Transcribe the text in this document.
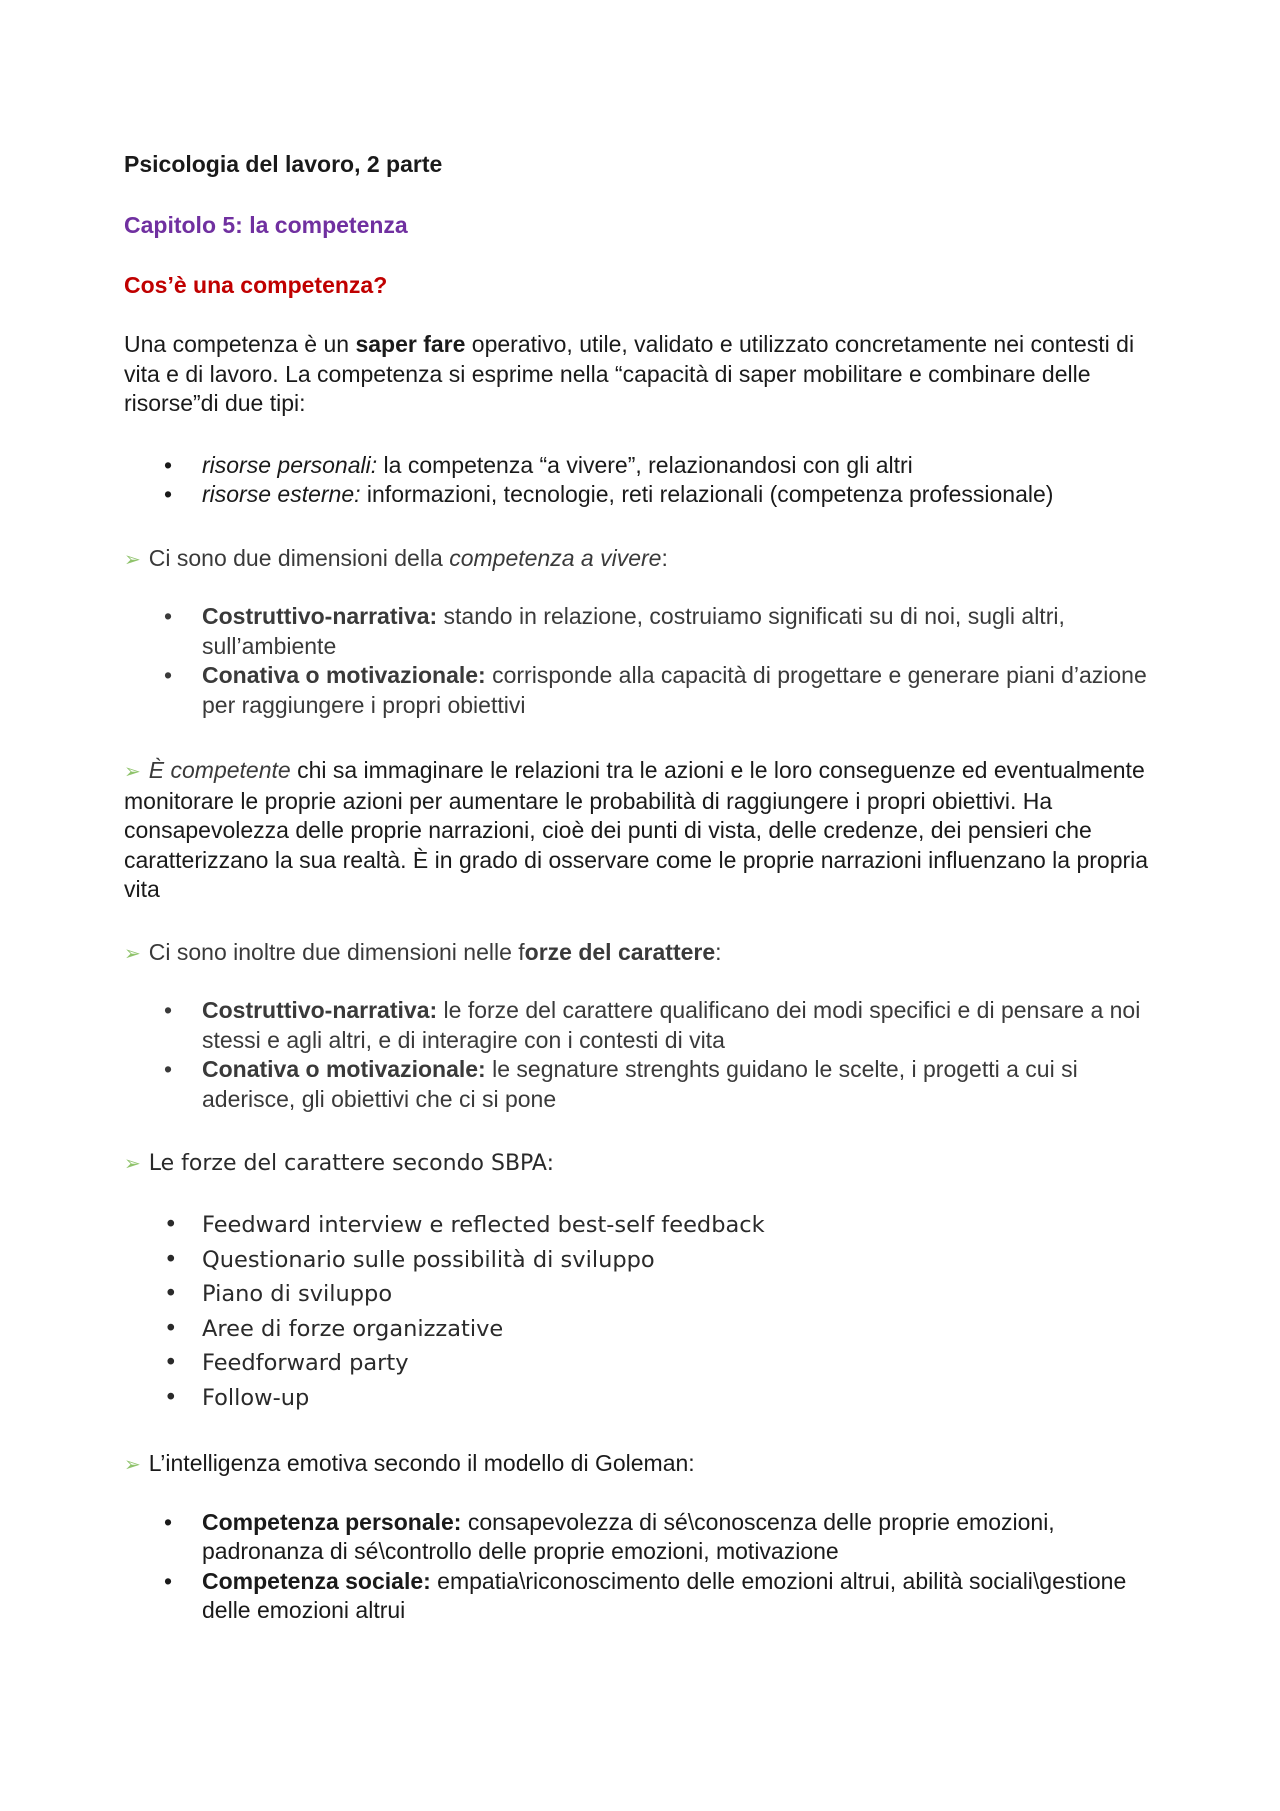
Psicologia del lavoro, 2 parte
Capitolo 5: la competenza
Cos’è una competenza?

Una competenza è un saper fare operativo, utile, validato e utilizzato concretamente nei contesti di vita e di lavoro. La competenza si esprime nella “capacità di saper mobilitare e combinare delle risorse”di due tipi:

• risorse personali: la competenza “a vivere”, relazionandosi con gli altri
• risorse esterne: informazioni, tecnologie, reti relazionali (competenza professionale)
➢ Ci sono due dimensioni della competenza a vivere:
• Costruttivo-narrativa: stando in relazione, costruiamo significati su di noi, sugli altri, sull’ambiente
• Conativa o motivazionale: corrisponde alla capacità di progettare e generare piani d’azione per raggiungere i propri obiettivi

➢ È competente chi sa immaginare le relazioni tra le azioni e le loro conseguenze ed eventualmente monitorare le proprie azioni per aumentare le probabilità di raggiungere i propri obiettivi. Ha consapevolezza delle proprie narrazioni, cioè dei punti di vista, delle credenze, dei pensieri che caratterizzano la sua realtà. È in grado di osservare come le proprie narrazioni influenzano la propria vita

➢ Ci sono inoltre due dimensioni nelle forze del carattere:
• Costruttivo-narrativa: le forze del carattere qualificano dei modi specifici e di pensare a noi stessi e agli altri, e di interagire con i contesti di vita
• Conativa o motivazionale: le segnature strenghts guidano le scelte, i progetti a cui si aderisce, gli obiettivi che ci si pone
➢ Le forze del carattere secondo SBPA:
• Feedward interview e reflected best-self feedback
• Questionario sulle possibilità di sviluppo
• Piano di sviluppo
• Aree di forze organizzative
• Feedforward party
• Follow-up
➢ L’intelligenza emotiva secondo il modello di Goleman:
• Competenza personale: consapevolezza di sé\conoscenza delle proprie emozioni, padronanza di sé\controllo delle proprie emozioni, motivazione
• Competenza sociale: empatia\riconoscimento delle emozioni altrui, abilità sociali\gestione delle emozioni altrui
